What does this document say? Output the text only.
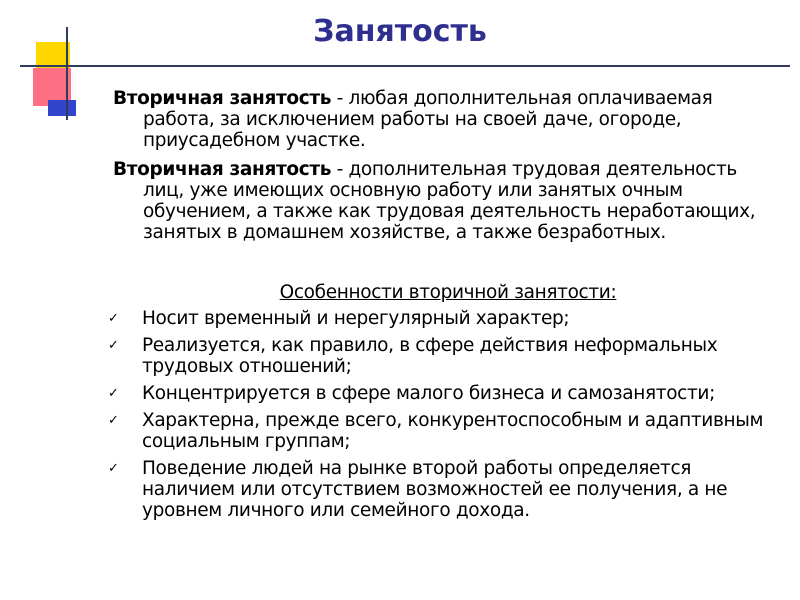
Занятость

Вторичная занятость - любая дополнительная оплачиваемая работа, за исключением работы на своей даче, огороде, приусадебном участке.

Вторичная занятость - дополнительная трудовая деятельность лиц, уже имеющих основную работу или занятых очным обучением, а также как трудовая деятельность неработающих, занятых в домашнем хозяйстве, а также безработных.

Особенности вторичной занятости:
✓ Носит временный и нерегулярный характер;
✓ Реализуется, как правило, в сфере действия неформальных трудовых отношений;
✓ Концентрируется в сфере малого бизнеса и самозанятости;
✓ Характерна, прежде всего, конкурентоспособным и адаптивным социальным группам;
✓ Поведение людей на рынке второй работы определяется наличием или отсутствием возможностей ее получения, а не уровнем личного или семейного дохода.
